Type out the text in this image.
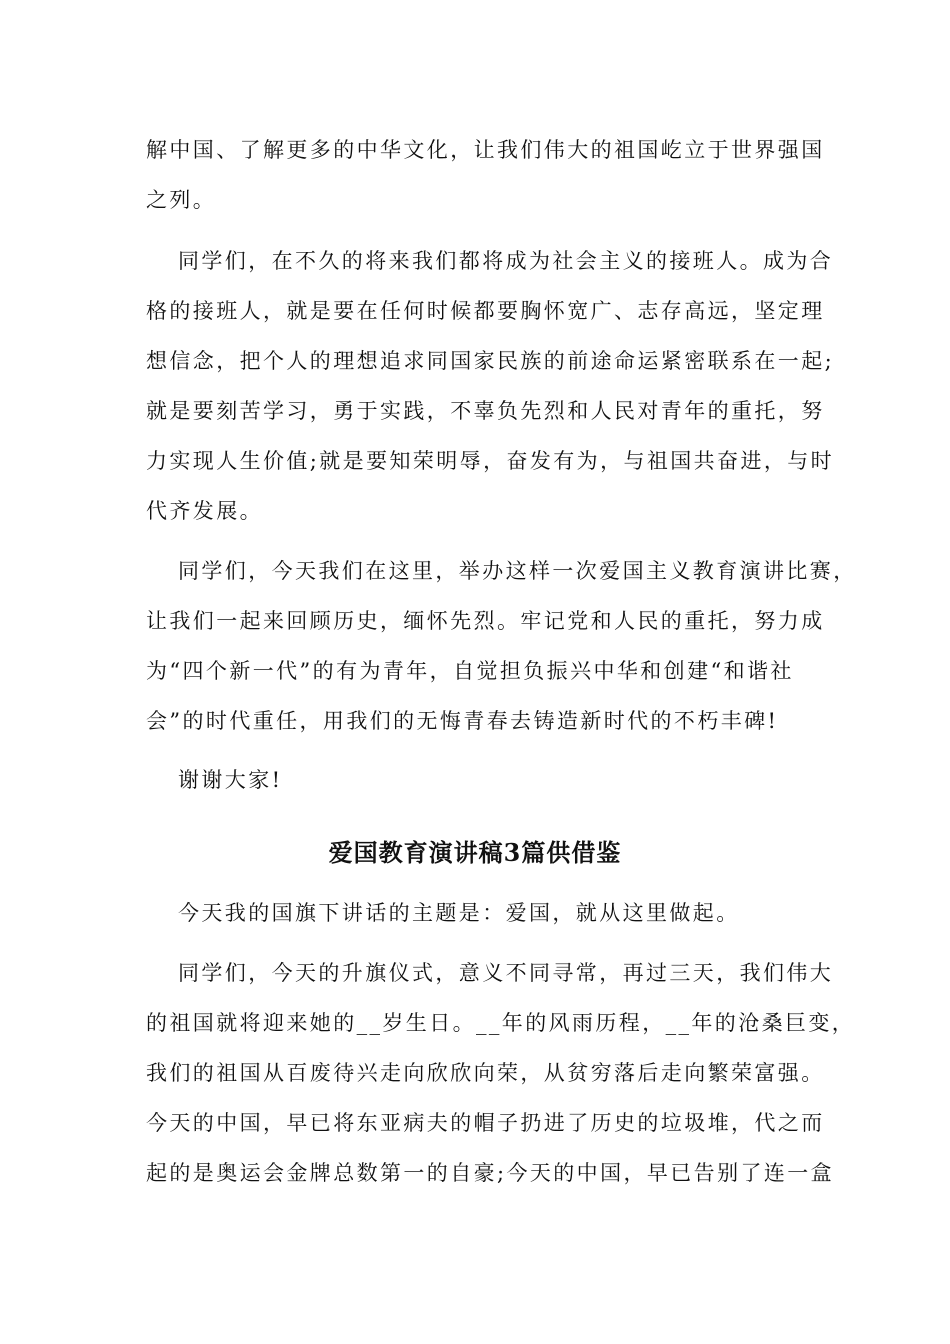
解中国、了解更多的中华文化，让我们伟大的祖国屹立于世界强国
之列。
同学们，在不久的将来我们都将成为社会主义的接班人。成为合
格的接班人，就是要在任何时候都要胸怀宽广、志存高远，坚定理
想信念，把个人的理想追求同国家民族的前途命运紧密联系在一起;
就是要刻苦学习，勇于实践，不辜负先烈和人民对青年的重托，努
力实现人生价值;就是要知荣明辱，奋发有为，与祖国共奋进，与时
代齐发展。
同学们，今天我们在这里，举办这样一次爱国主义教育演讲比赛，
让我们一起来回顾历史，缅怀先烈。牢记党和人民的重托，努力成
为“四个新一代”的有为青年，自觉担负振兴中华和创建“和谐社
会”的时代重任，用我们的无悔青春去铸造新时代的不朽丰碑!
谢谢大家!
爱国教育演讲稿3篇供借鉴
今天我的国旗下讲话的主题是：爱国，就从这里做起。
同学们，今天的升旗仪式，意义不同寻常，再过三天，我们伟大
的祖国就将迎来她的__岁生日。__年的风雨历程，__年的沧桑巨变，
我们的祖国从百废待兴走向欣欣向荣，从贫穷落后走向繁荣富强。
今天的中国，早已将东亚病夫的帽子扔进了历史的垃圾堆，代之而
起的是奥运会金牌总数第一的自豪;今天的中国，早已告别了连一盒
